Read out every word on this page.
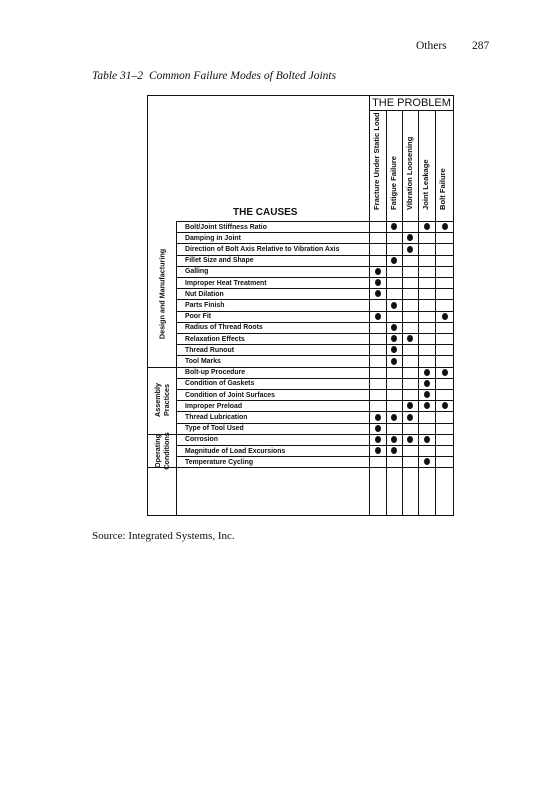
Others 287
Table 31–2 Common Failure Modes of Bolted Joints
THE PROBLEM
THE CAUSES
Fracture Under Static Load Fatigue Failure Vibration Loosening Joint Leakage Bolt Failure
Bolt/Joint Stiffness Ratio
Damping in Joint
Direction of Bolt Axis Relative to Vibration Axis
Fillet Size and Shape
Galling
Improper Heat Treatment
Nut Dilation
Parts Finish
Poor Fit
Radius of Thread Roots
Relaxation Effects
Thread Runout
Tool Marks
Bolt-up Procedure
Condition of Gaskets
Condition of Joint Surfaces
Improper Preload
Thread Lubrication
Type of Tool Used
Corrosion
Magnitude of Load Excursions
Temperature Cycling
Design and Manufacturing
Assembly Practices
Operating Conditions
Source: Integrated Systems, Inc.
